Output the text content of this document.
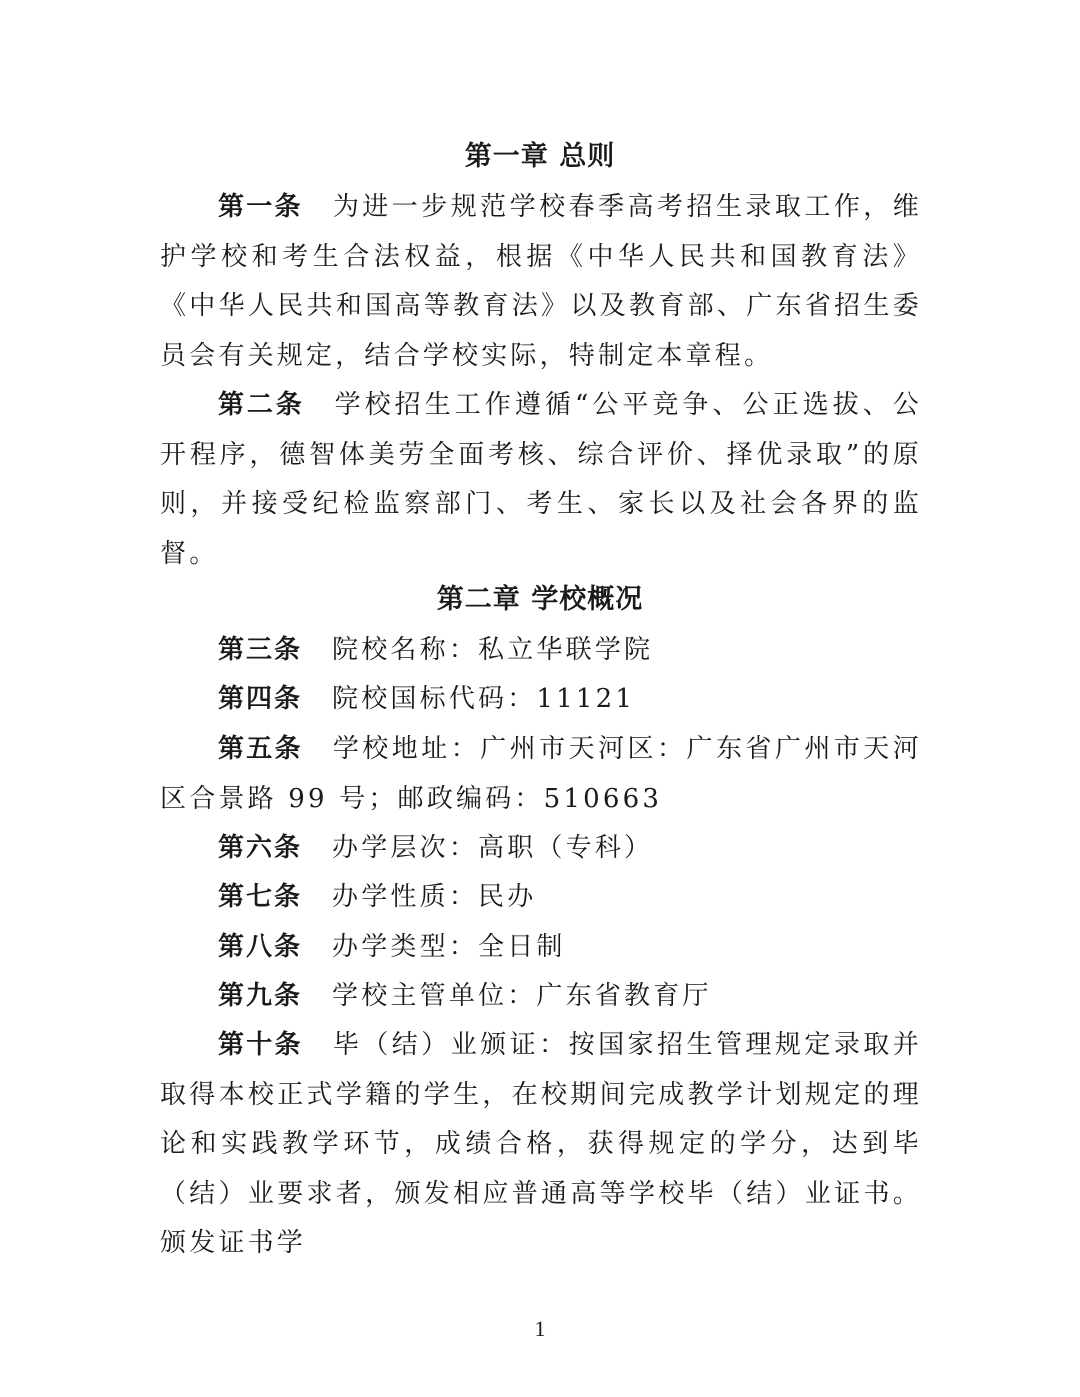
第一章 总则

第一条 为进一步规范学校春季高考招生录取工作，维护学校和考生合法权益，根据《中华人民共和国教育法》《中华人民共和国高等教育法》以及教育部、广东省招生委员会有关规定，结合学校实际，特制定本章程。

第二条 学校招生工作遵循“公平竞争、公正选拔、公开程序，德智体美劳全面考核、综合评价、择优录取”的原则，并接受纪检监察部门、考生、家长以及社会各界的监督。

第二章 学校概况

第三条 院校名称：私立华联学院

第四条 院校国标代码：11121

第五条 学校地址：广州市天河区：广东省广州市天河区合景路 99 号；邮政编码：510663

第六条 办学层次：高职（专科）

第七条 办学性质：民办

第八条 办学类型：全日制

第九条 学校主管单位：广东省教育厅

第十条 毕（结）业颁证：按国家招生管理规定录取并取得本校正式学籍的学生，在校期间完成教学计划规定的理论和实践教学环节，成绩合格，获得规定的学分，达到毕（结）业要求者，颁发相应普通高等学校毕（结）业证书。颁发证书学

1
